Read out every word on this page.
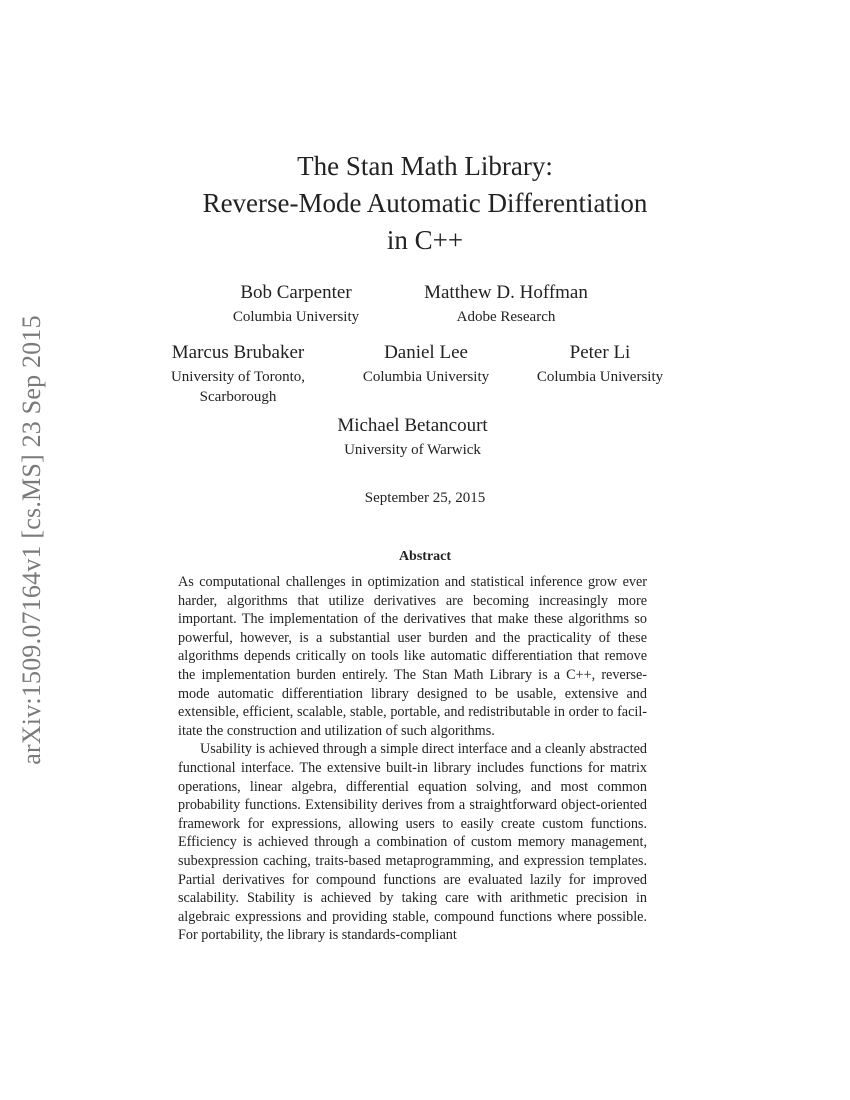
arXiv:1509.07164v1 [cs.MS] 23 Sep 2015
The Stan Math Library:
Reverse-Mode Automatic Differentiation
in C++
Bob Carpenter
Columbia University
Matthew D. Hoffman
Adobe Research
Marcus Brubaker
University of Toronto,
Scarborough
Daniel Lee
Columbia University
Peter Li
Columbia University
Michael Betancourt
University of Warwick
September 25, 2015
Abstract

As computational challenges in optimization and statistical inference grow ever harder, algorithms that utilize derivatives are becoming increasingly more important. The implementation of the derivatives that make these algorithms so powerful, however, is a substantial user burden and the practicality of these algorithms depends critically on tools like automatic differentiation that remove the implementation burden entirely. The Stan Math Library is a C++, reverse-mode automatic differentiation library designed to be usable, extensive and extensible, efficient, scalable, stable, portable, and redistributable in order to facilitate the construction and utilization of such algorithms.

Usability is achieved through a simple direct interface and a cleanly abstracted functional interface. The extensive built-in library includes functions for matrix operations, linear algebra, differential equation solving, and most common probability functions. Extensibility derives from a straightforward object-oriented framework for expressions, allowing users to easily create custom functions. Efficiency is achieved through a combination of custom memory management, subexpression caching, traits-based metaprogramming, and expression templates. Partial derivatives for compound functions are evaluated lazily for improved scalability. Stability is achieved by taking care with arithmetic precision in algebraic expressions and providing stable, compound functions where possible. For portability, the library is standards-compliant
